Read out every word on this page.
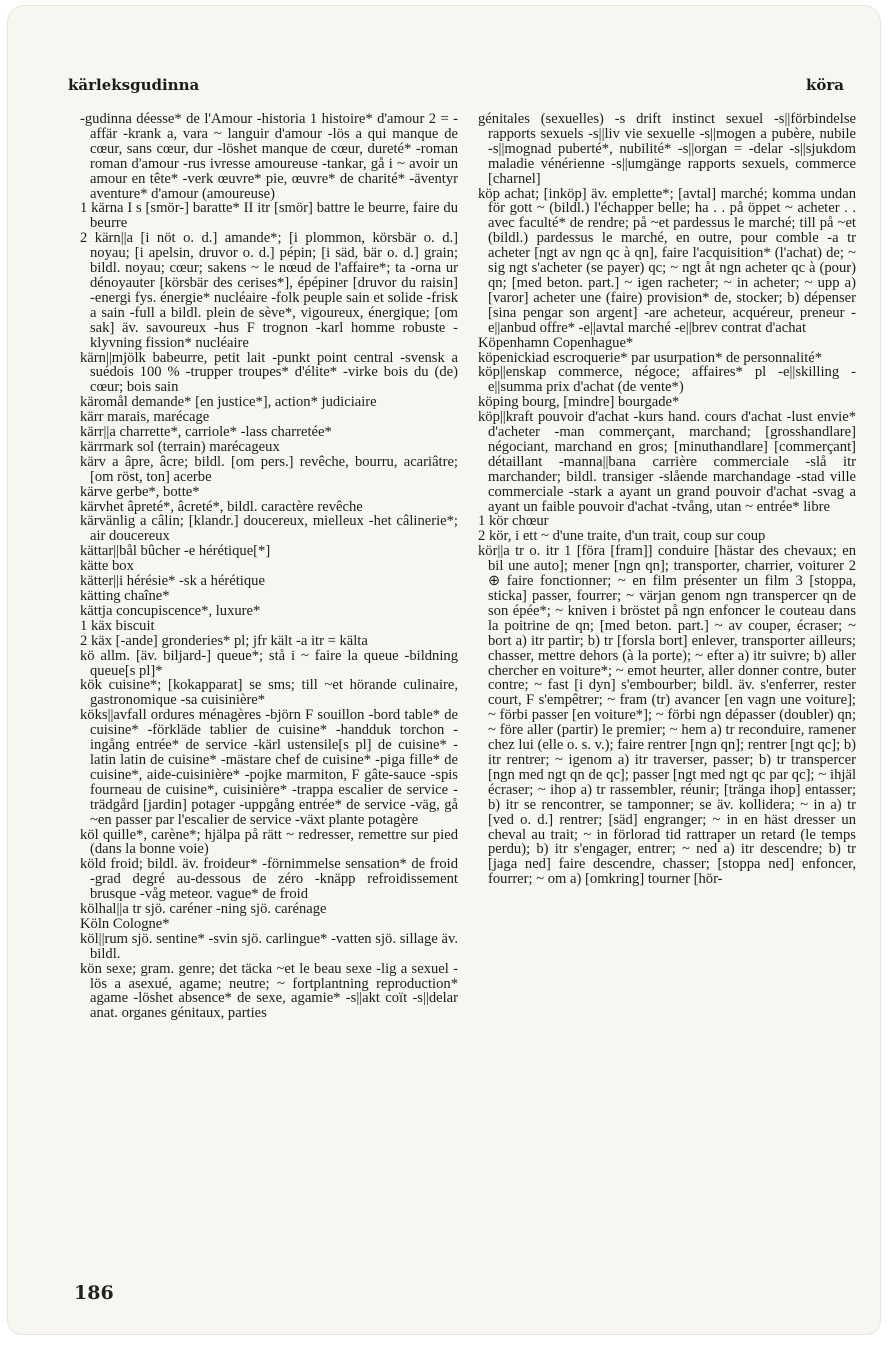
kärleksgudinna	köra

-gudinna déesse* de l'Amour -historia 1 histoire* d'amour 2 = -affär -krank a, vara ~ languir d'amour -lös a qui manque de cœur, sans cœur, dur -löshet manque de cœur, dureté* -roman roman d'amour -rus ivresse amoureuse -tankar, gå i ~ avoir un amour en tête* -verk œuvre* pie, œuvre* de charité* -äventyr aventure* d'amour (amoureuse)

1 kärna I s [smör-] baratte* II itr [smör] battre le beurre, faire du beurre

2 kärn||a [i nöt o. d.] amande*; [i plommon, körsbär o. d.] noyau; [i apelsin, druvor o. d.] pépin; [i säd, bär o. d.] grain; bildl. noyau; cœur; sakens ~ le nœud de l'affaire*; ta -orna ur dénoyauter [körsbär des cerises*], épépiner [druvor du raisin] -energi fys. énergie* nucléaire -folk peuple sain et solide -frisk a sain -full a bildl. plein de sève*, vigoureux, énergique; [om sak] äv. savoureux -hus F trognon -karl homme robuste -klyvning fission* nucléaire

kärn||mjölk babeurre, petit lait -punkt point central -svensk a suédois 100 % -trupper troupes* d'élite* -virke bois du (de) cœur; bois sain

käromål demande* [en justice*], action* judiciaire

kärr marais, marécage

kärr||a charrette*, carriole* -lass charretée*

kärrmark sol (terrain) marécageux

kärv a âpre, âcre; bildl. [om pers.] revêche, bourru, acariâtre; [om röst, ton] acerbe

kärve gerbe*, botte*

kärvhet âpreté*, âcreté*, bildl. caractère revêche

kärvänlig a câlin; [klandr.] doucereux, mielleux -het câlinerie*; air doucereux

kättar||bål bûcher -e hérétique[*]

kätte box

kätter||i hérésie* -sk a hérétique

kätting chaîne*

kättja concupiscence*, luxure*

1 käx biscuit

2 käx [-ande] gronderies* pl; jfr kält -a itr = kälta

kö allm. [äv. biljard-] queue*; stå i ~ faire la queue -bildning queue[s pl]*

kök cuisine*; [kokapparat] se sms; till ~et hörande culinaire, gastronomique -sa cuisinière*

köks||avfall ordures ménagères -björn F souillon -bord table* de cuisine* -förkläde tablier de cuisine* -handduk torchon -ingång entrée* de service -kärl ustensile[s pl] de cuisine* -latin latin de cuisine* -mästare chef de cuisine* -piga fille* de cuisine*, aide-cuisinière* -pojke marmiton, F gâte-sauce -spis fourneau de cuisine*, cuisinière* -trappa escalier de service -trädgård [jardin] potager -uppgång entrée* de service -väg, gå ~en passer par l'escalier de service -växt plante potagère

köl quille*, carène*; hjälpa på rätt ~ redresser, remettre sur pied (dans la bonne voie)

köld froid; bildl. äv. froideur* -förnimmelse sensation* de froid -grad degré au-dessous de zéro -knäpp refroidissement brusque -våg meteor. vague* de froid

kölhal||a tr sjö. caréner -ning sjö. carénage

Köln Cologne*

köl||rum sjö. sentine* -svin sjö. carlingue* -vatten sjö. sillage äv. bildl.

kön sexe; gram. genre; det täcka ~et le beau sexe -lig a sexuel -lös a asexué, agame; neutre; ~ fortplantning reproduction* agame -löshet absence* de sexe, agamie* -s||akt coït -s||delar anat. organes génitaux, parties

génitales (sexuelles) -s drift instinct sexuel -s||förbindelse rapports sexuels -s||liv vie sexuelle -s||mogen a pubère, nubile -s||mognad puberté*, nubilité* -s||organ = -delar -s||sjukdom maladie vénérienne -s||umgänge rapports sexuels, commerce [charnel]

köp achat; [inköp] äv. emplette*; [avtal] marché; komma undan för gott ~ (bildl.) l'échapper belle; ha . . på öppet ~ acheter . . avec faculté* de rendre; på ~et pardessus le marché; till på ~et (bildl.) pardessus le marché, en outre, pour comble -a tr acheter [ngt av ngn qc à qn], faire l'acquisition* (l'achat) de; ~ sig ngt s'acheter (se payer) qc; ~ ngt åt ngn acheter qc à (pour) qn; [med beton. part.] ~ igen racheter; ~ in acheter; ~ upp a) [varor] acheter une (faire) provision* de, stocker; b) dépenser [sina pengar son argent] -are acheteur, acquéreur, preneur -e||anbud offre* -e||avtal marché -e||brev contrat d'achat

Köpenhamn Copenhague*

köpenickiad escroquerie* par usurpation* de personnalité*

köp||enskap commerce, négoce; affaires* pl -e||skilling -e||summa prix d'achat (de vente*)

köping bourg, [mindre] bourgade*

köp||kraft pouvoir d'achat -kurs hand. cours d'achat -lust envie* d'acheter -man commerçant, marchand; [grosshandlare] négociant, marchand en gros; [minuthandlare] [commerçant] détaillant -manna||bana carrière commerciale -slå itr marchander; bildl. transiger -slående marchandage -stad ville commerciale -stark a ayant un grand pouvoir d'achat -svag a ayant un faible pouvoir d'achat -tvång, utan ~ entrée* libre

1 kör chœur

2 kör, i ett ~ d'une traite, d'un trait, coup sur coup

kör||a tr o. itr 1 [föra [fram]] conduire [hästar des chevaux; en bil une auto]; mener [ngn qn]; transporter, charrier, voiturer 2 ⊕ faire fonctionner; ~ en film présenter un film 3 [stoppa, sticka] passer, fourrer; ~ värjan genom ngn transpercer qn de son épée*; ~ kniven i bröstet på ngn enfoncer le couteau dans la poitrine de qn; [med beton. part.] ~ av couper, écraser; ~ bort a) itr partir; b) tr [forsla bort] enlever, transporter ailleurs; chasser, mettre dehors (à la porte); ~ efter a) itr suivre; b) aller chercher en voiture*; ~ emot heurter, aller donner contre, buter contre; ~ fast [i dyn] s'embourber; bildl. äv. s'enferrer, rester court, F s'empêtrer; ~ fram (tr) avancer [en vagn une voiture]; ~ förbi passer [en voiture*]; ~ förbi ngn dépasser (doubler) qn; ~ före aller (partir) le premier; ~ hem a) tr reconduire, ramener chez lui (elle o. s. v.); faire rentrer [ngn qn]; rentrer [ngt qc]; b) itr rentrer; ~ igenom a) itr traverser, passer; b) tr transpercer [ngn med ngt qn de qc]; passer [ngt med ngt qc par qc]; ~ ihjäl écraser; ~ ihop a) tr rassembler, réunir; [tränga ihop] entasser; b) itr se rencontrer, se tamponner; se äv. kollidera; ~ in a) tr [ved o. d.] rentrer; [säd] engranger; ~ in en häst dresser un cheval au trait; ~ in förlorad tid rattraper un retard (le temps perdu); b) itr s'engager, entrer; ~ ned a) itr descendre; b) tr [jaga ned] faire descendre, chasser; [stoppa ned] enfoncer, fourrer; ~ om a) [omkring] tourner [hör-

186
